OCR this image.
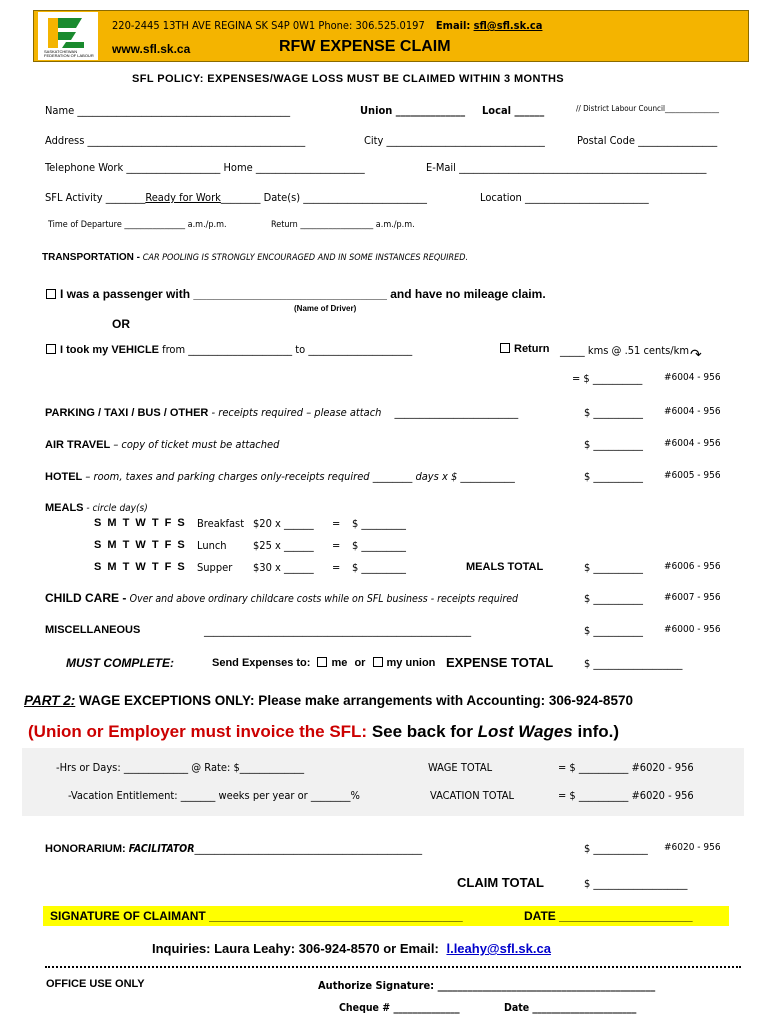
SASKATCHEWAN FEDERATION OF LABOUR
220-2445 13TH AVE REGINA SK S4P 0W1 Phone: 306.525.0197 Email: sfl@sfl.sk.ca
www.sfl.sk.ca	RFW EXPENSE CLAIM
SFL POLICY: EXPENSES/WAGE LOSS MUST BE CLAIMED WITHIN 3 MONTHS
Name ___________________________________________	Union ______________ Local ______	// District Labour Council_______________
Address ____________________________________________	City ________________________________	Postal Code ________________
Telephone Work ___________________ Home ______________________	E-Mail __________________________________________________
SFL Activity ________Ready for Work________ Date(s) _________________________	Location _________________________
Time of Departure _______________ a.m./p.m.	Return __________________ a.m./p.m.
TRANSPORTATION - CAR POOLING IS STRONGLY ENCOURAGED AND IN SOME INSTANCES REQUIRED.
I was a passenger with _____________________________ and have no mileage claim.
(Name of Driver)
OR
I took my VEHICLE from _____________________ to _____________________	Return _____ kms @ .51 cents/km ↷
= $ __________ #6004 - 956
PARKING / TAXI / BUS / OTHER - receipts required – please attach _________________________	$ __________ #6004 - 956
AIR TRAVEL – copy of ticket must be attached	$ __________ #6004 - 956
HOTEL – room, taxes and parking charges only-receipts required ________ days x $ ___________	$ __________ #6005 - 956
MEALS - circle day(s)
S M T W T F S Breakfast $20 x ______ = $ _________
S M T W T F S Lunch $25 x ______ = $ _________
S M T W T F S Supper $30 x ______ = $ _________	MEALS TOTAL	$ __________ #6006 - 956
CHILD CARE - Over and above ordinary childcare costs while on SFL business - receipts required	$ __________ #6007 - 956
MISCELLANEOUS	______________________________________________________	$ __________ #6000 - 956
MUST COMPLETE:	Send Expenses to: me or my union EXPENSE TOTAL	$ __________________
PART 2: WAGE EXCEPTIONS ONLY: Please make arrangements with Accounting: 306-924-8570
(Union or Employer must invoice the SFL: See back for Lost Wages info.)
-Hrs or Days: _____________ @ Rate: $_____________	WAGE TOTAL	= $ __________ #6020 - 956
-Vacation Entitlement: _______ weeks per year or ________%	VACATION TOTAL	= $ __________ #6020 - 956
HONORARIUM: FACILITATOR______________________________________________	$ ___________ #6020 - 956
CLAIM TOTAL	$ ___________________
SIGNATURE OF CLAIMANT ______________________________________	DATE ____________________
Inquiries: Laura Leahy: 306-924-8570 or Email: l.leahy@sfl.sk.ca
OFFICE USE ONLY	Authorize Signature: ____________________________________________
Cheque # ______________	Date ______________________
